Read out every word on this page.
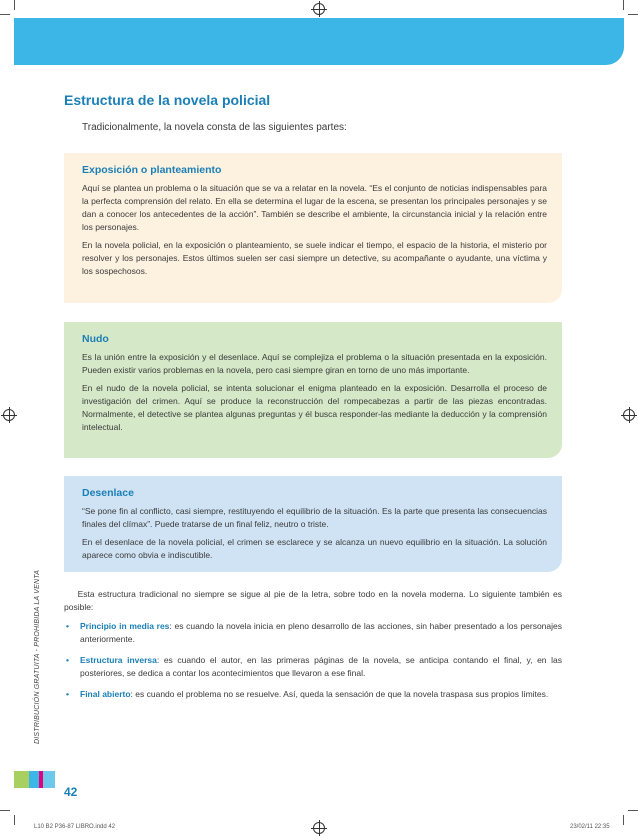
Estructura de la novela policial

Tradicionalmente, la novela consta de las siguientes partes:

Exposición o planteamiento

Aquí se plantea un problema o la situación que se va a relatar en la novela. “Es el conjunto de noticias indispensables para la perfecta comprensión del relato. En ella se determina el lugar de la escena, se presentan los principales personajes y se dan a conocer los antecedentes de la acción”. También se describe el ambiente, la circunstancia inicial y la relación entre los personajes.

En la novela policial, en la exposición o planteamiento, se suele indicar el tiempo, el espacio de la historia, el misterio por resolver y los personajes. Estos últimos suelen ser casi siempre un detective, su acompañante o ayudante, una víctima y los sospechosos.

Nudo

Es la unión entre la exposición y el desenlace. Aquí se complejiza el problema o la situación presentada en la exposición. Pueden existir varios problemas en la novela, pero casi siempre giran en torno de uno más importante.

En el nudo de la novela policial, se intenta solucionar el enigma planteado en la exposición. Desarrolla el proceso de investigación del crimen. Aquí se produce la reconstrucción del rompecabezas a partir de las piezas encontradas. Normalmente, el detective se plantea algunas preguntas y él busca responder-las mediante la deducción y la comprensión intelectual.

Desenlace

“Se pone fin al conflicto, casi siempre, restituyendo el equilibrio de la situación. Es la parte que presenta las consecuencias finales del clímax”. Puede tratarse de un final feliz, neutro o triste.

En el desenlace de la novela policial, el crimen se esclarece y se alcanza un nuevo equilibrio en la situación. La solución aparece como obvia e indiscutible.

Esta estructura tradicional no siempre se sigue al pie de la letra, sobre todo en la novela moderna. Lo siguiente también es posible:

• Principio in media res: es cuando la novela inicia en pleno desarrollo de las acciones, sin haber presentado a los personajes anteriormente.
• Estructura inversa: es cuando el autor, en las primeras páginas de la novela, se anticipa contando el final, y, en las posteriores, se dedica a contar los acontecimientos que llevaron a ese final.
• Final abierto: es cuando el problema no se resuelve. Así, queda la sensación de que la novela traspasa sus propios límites.
DISTRIBUCIÓN GRATUITA - PROHIBIDA LA VENTA
42
L10 B2 P36-87 LIBRO.indd 42	23/02/11 22:35
